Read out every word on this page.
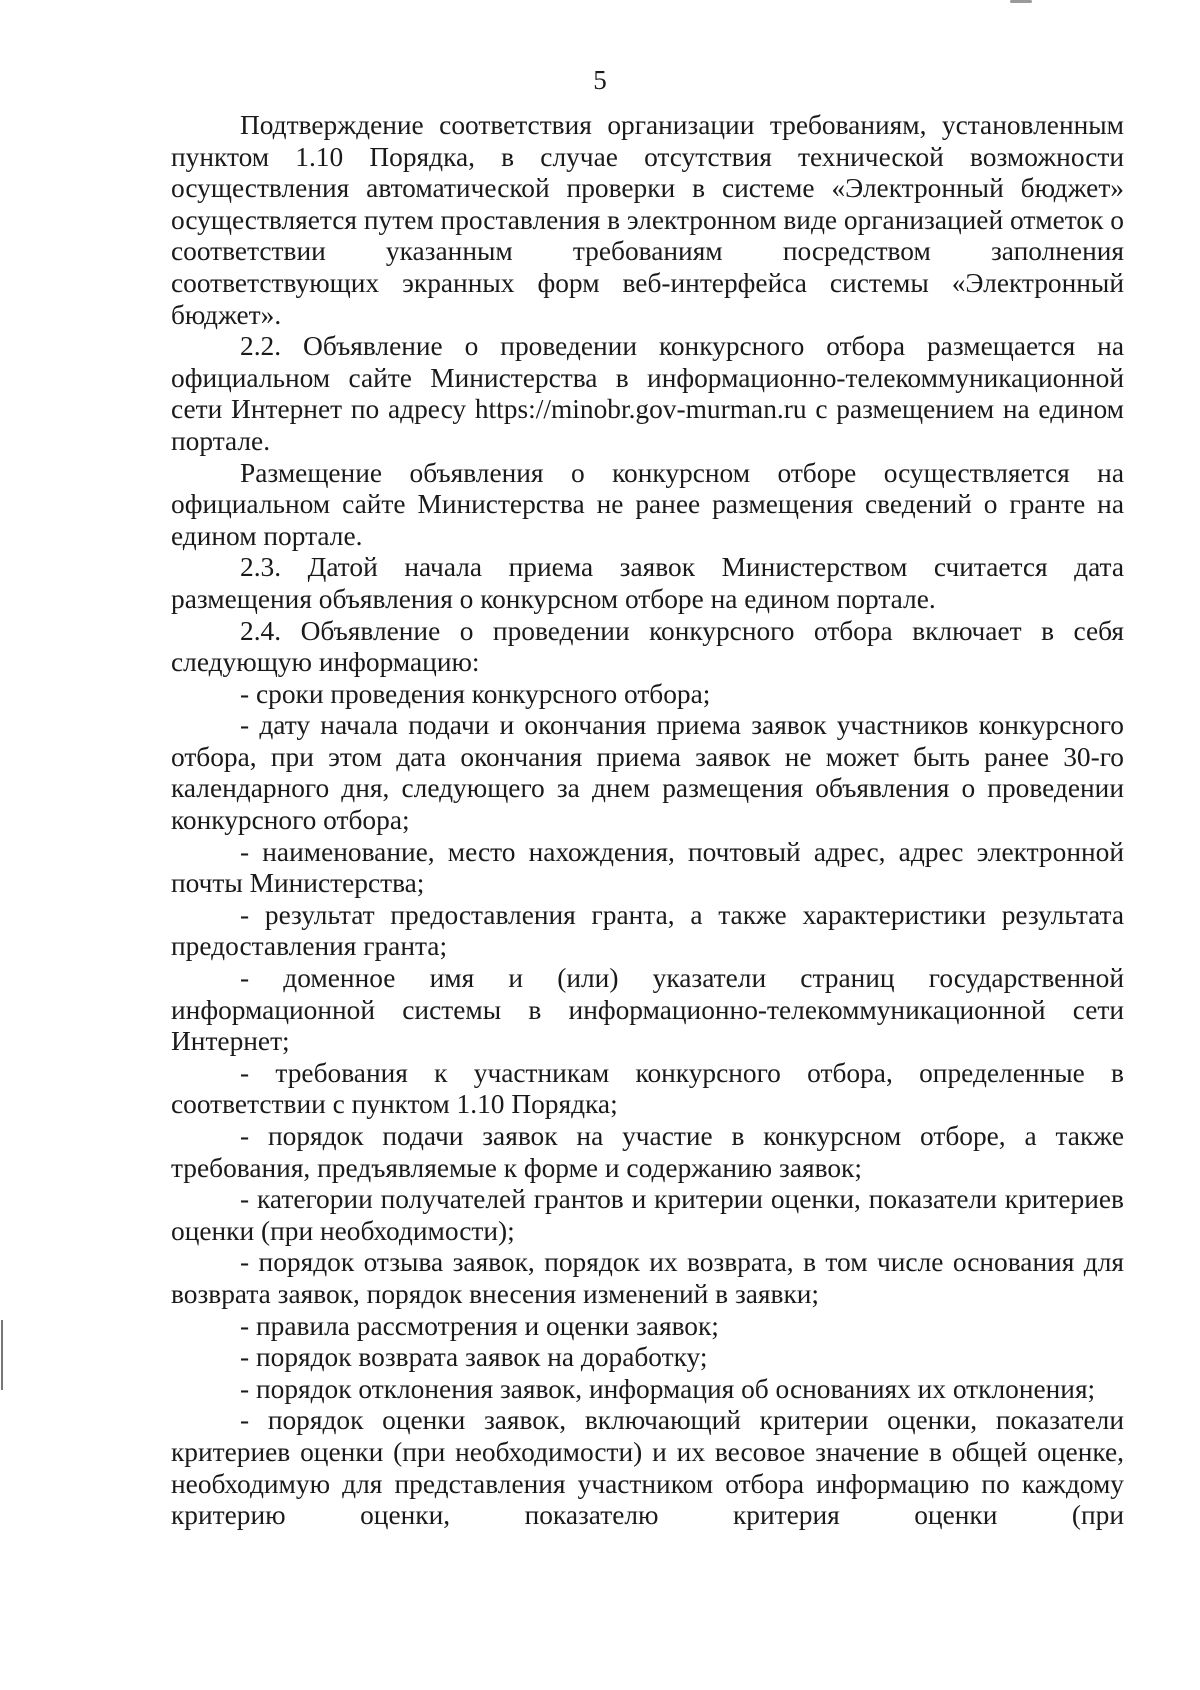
5

Подтверждение соответствия организации требованиям, установленным пунктом 1.10 Порядка, в случае отсутствия технической возможности осуществления автоматической проверки в системе «Электронный бюджет» осуществляется путем проставления в электронном виде организацией отметок о соответствии указанным требованиям посредством заполнения соответствующих экранных форм веб-интерфейса системы «Электронный бюджет».

2.2. Объявление о проведении конкурсного отбора размещается на официальном сайте Министерства в информационно-телекоммуникационной сети Интернет по адресу https://minobr.gov-murman.ru с размещением на едином портале.

Размещение объявления о конкурсном отборе осуществляется на официальном сайте Министерства не ранее размещения сведений о гранте на едином портале.

2.3. Датой начала приема заявок Министерством считается дата размещения объявления о конкурсном отборе на едином портале.

2.4. Объявление о проведении конкурсного отбора включает в себя следующую информацию:

- сроки проведения конкурсного отбора;

- дату начала подачи и окончания приема заявок участников конкурсного отбора, при этом дата окончания приема заявок не может быть ранее 30-го календарного дня, следующего за днем размещения объявления о проведении конкурсного отбора;

- наименование, место нахождения, почтовый адрес, адрес электронной почты Министерства;

- результат предоставления гранта, а также характеристики результата предоставления гранта;

- доменное имя и (или) указатели страниц государственной информационной системы в информационно-телекоммуникационной сети Интернет;

- требования к участникам конкурсного отбора, определенные в соответствии с пунктом 1.10 Порядка;

- порядок подачи заявок на участие в конкурсном отборе, а также требования, предъявляемые к форме и содержанию заявок;

- категории получателей грантов и критерии оценки, показатели критериев оценки (при необходимости);

- порядок отзыва заявок, порядок их возврата, в том числе основания для возврата заявок, порядок внесения изменений в заявки;

- правила рассмотрения и оценки заявок;

- порядок возврата заявок на доработку;

- порядок отклонения заявок, информация об основаниях их отклонения;

- порядок оценки заявок, включающий критерии оценки, показатели критериев оценки (при необходимости) и их весовое значение в общей оценке, необходимую для представления участником отбора информацию по каждому критерию оценки, показателю критерия оценки (при
